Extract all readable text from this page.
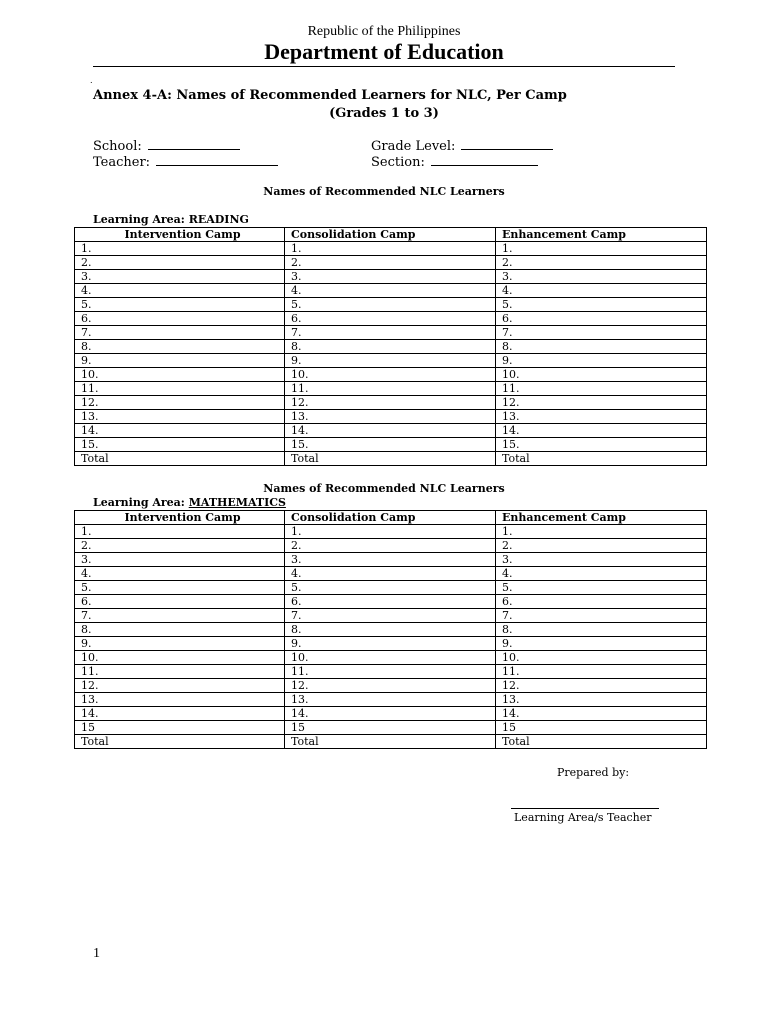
Republic of the Philippines
Department of Education
.
Annex 4-A: Names of Recommended Learners for NLC, Per Camp
(Grades 1 to 3)
School:	Grade Level:
Teacher:	Section:
Names of Recommended NLC Learners
Learning Area: READING
Intervention Camp	Consolidation Camp	Enhancement Camp
1.	1.	1.
2.	2.	2.
3.	3.	3.
4.	4.	4.
5.	5.	5.
6.	6.	6.
7.	7.	7.
8.	8.	8.
9.	9.	9.
10.	10.	10.
11.	11.	11.
12.	12.	12.
13.	13.	13.
14.	14.	14.
15.	15.	15.
Total	Total	Total
Names of Recommended NLC Learners
Learning Area: MATHEMATICS
Intervention Camp	Consolidation Camp	Enhancement Camp
1.	1.	1.
2.	2.	2.
3.	3.	3.
4.	4.	4.
5.	5.	5.
6.	6.	6.
7.	7.	7.
8.	8.	8.
9.	9.	9.
10.	10.	10.
11.	11.	11.
12.	12.	12.
13.	13.	13.
14.	14.	14.
15	15	15
Total	Total	Total
Prepared by:
Learning Area/s Teacher
1
